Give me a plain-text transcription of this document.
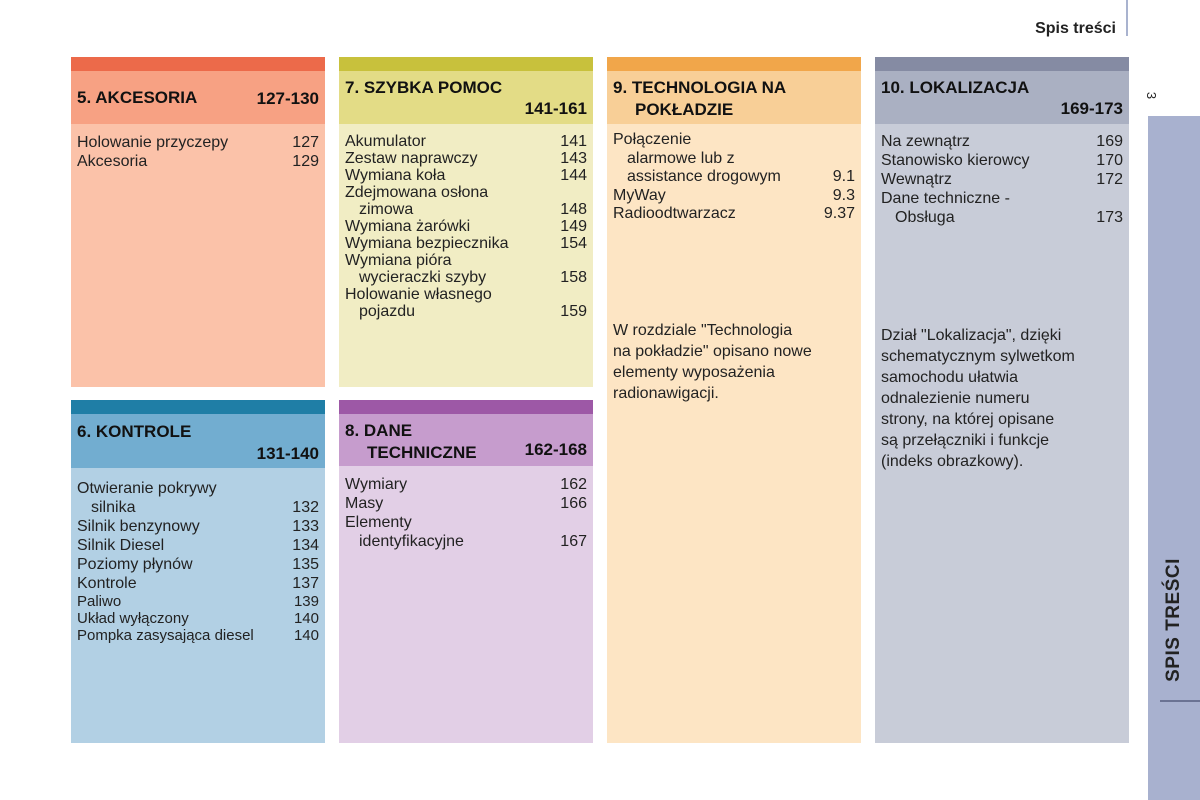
Spis treści
3
SPIS TREŚCI
5. AKCESORIA	127-130
Holowanie przyczepy	127
Akcesoria	129
6. KONTROLE
131-140
Otwieranie pokrywy
silnika	132
Silnik benzynowy	133
Silnik Diesel	134
Poziomy płynów	135
Kontrole	137
Paliwo	139
Układ wyłączony	140
Pompka zasysająca diesel	140
7. SZYBKA POMOC
141-161
Akumulator	141
Zestaw naprawczy	143
Wymiana koła	144
Zdejmowana osłona
zimowa	148
Wymiana żarówki	149
Wymiana bezpiecznika	154
Wymiana pióra
wycieraczki szyby	158
Holowanie własnego
pojazdu	159
8. DANE
TECHNICZNE	162-168
Wymiary	162
Masy	166
Elementy
identyfikacyjne	167
9. TECHNOLOGIA NA
POKŁADZIE
Połączenie
alarmowe lub z
assistance drogowym	9.1
MyWay	9.3
Radioodtwarzacz	9.37
W rozdziale "Technologia
na pokładzie" opisano nowe
elementy wyposażenia
radionawigacji.
10. LOKALIZACJA
169-173
Na zewnątrz	169
Stanowisko kierowcy	170
Wewnątrz	172
Dane techniczne -
Obsługa	173
Dział "Lokalizacja", dzięki
schematycznym sylwetkom
samochodu ułatwia
odnalezienie numeru
strony, na której opisane
są przełączniki i funkcje
(indeks obrazkowy).
